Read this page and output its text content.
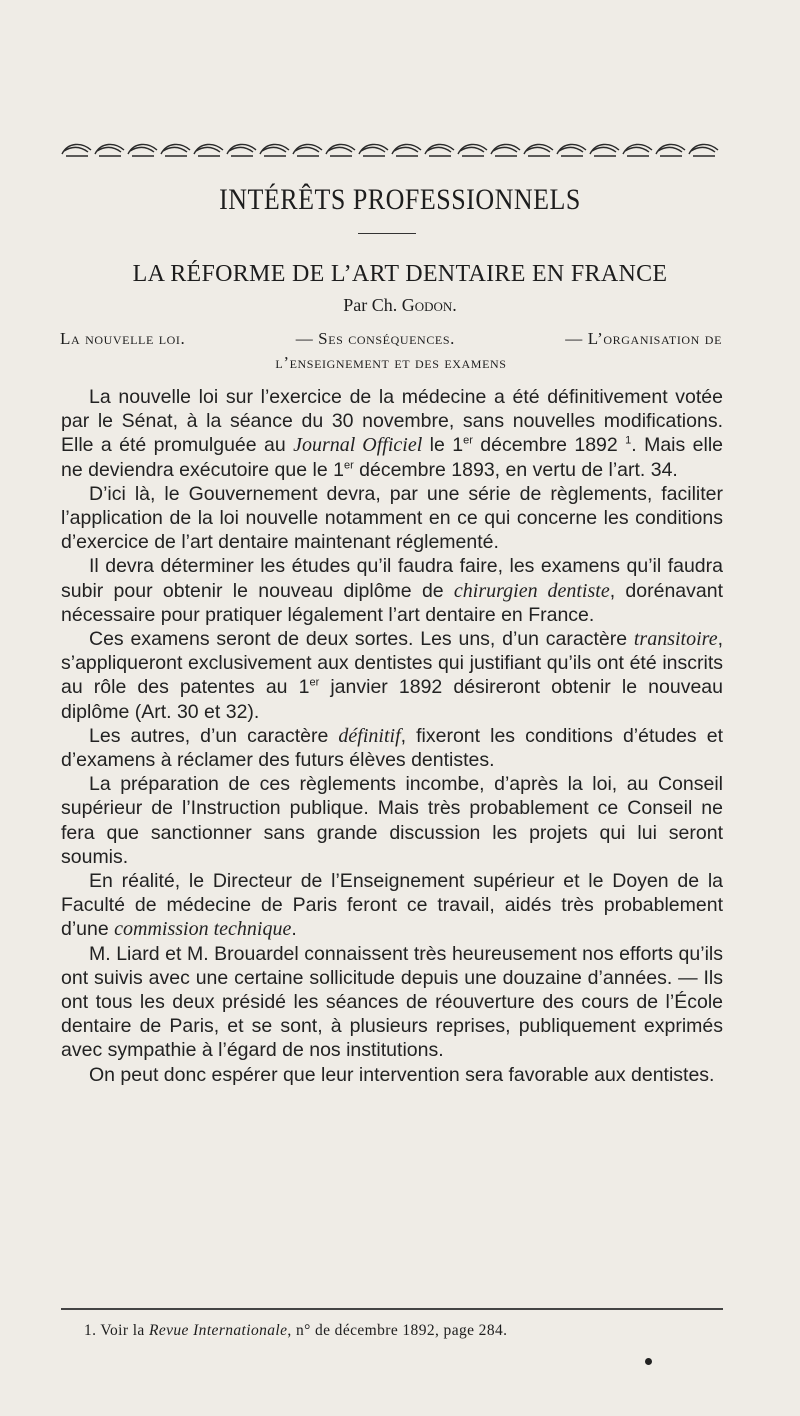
INTÉRÊTS PROFESSIONNELS
LA RÉFORME DE L’ART DENTAIRE EN FRANCE
Par Ch. Godon.
La nouvelle loi.	— Ses conséquences.	— L’organisation de
l’enseignement et des examens

La nouvelle loi sur l’exercice de la médecine a été définitivement votée par le Sénat, à la séance du 30 novembre, sans nouvelles modifications. Elle a été promulguée au Journal Officiel le 1er décembre 1892 $^1$. Mais elle ne deviendra exécutoire que le 1er décembre 1893, en vertu de l’art. 34.

D’ici là, le Gouvernement devra, par une série de règlements, faciliter l’application de la loi nouvelle notamment en ce qui concerne les conditions d’exercice de l’art dentaire maintenant réglementé.

Il devra déterminer les études qu’il faudra faire, les examens qu’il faudra subir pour obtenir le nouveau diplôme de chirurgien dentiste, dorénavant nécessaire pour pratiquer légalement l’art dentaire en France.

Ces examens seront de deux sortes. Les uns, d’un caractère transitoire, s’appliqueront exclusivement aux dentistes qui justifiant qu’ils ont été inscrits au rôle des patentes au 1er janvier 1892 désireront obtenir le nouveau diplôme (Art. 30 et 32).

Les autres, d’un caractère définitif, fixeront les conditions d’études et d’examens à réclamer des futurs élèves dentistes.

La préparation de ces règlements incombe, d’après la loi, au Conseil supérieur de l’Instruction publique. Mais très probablement ce Conseil ne fera que sanctionner sans grande discussion les projets qui lui seront soumis.

En réalité, le Directeur de l’Enseignement supérieur et le Doyen de la Faculté de médecine de Paris feront ce travail, aidés très probablement d’une commission technique.

M. Liard et M. Brouardel connaissent très heureusement nos efforts qu’ils ont suivis avec une certaine sollicitude depuis une douzaine d’années. — Ils ont tous les deux présidé les séances de réouverture des cours de l’École dentaire de Paris, et se sont, à plusieurs reprises, publiquement exprimés avec sympathie à l’égard de nos institutions.

On peut donc espérer que leur intervention sera favorable aux dentistes.

1. Voir la Revue Internationale, n° de décembre 1892, page 284.
